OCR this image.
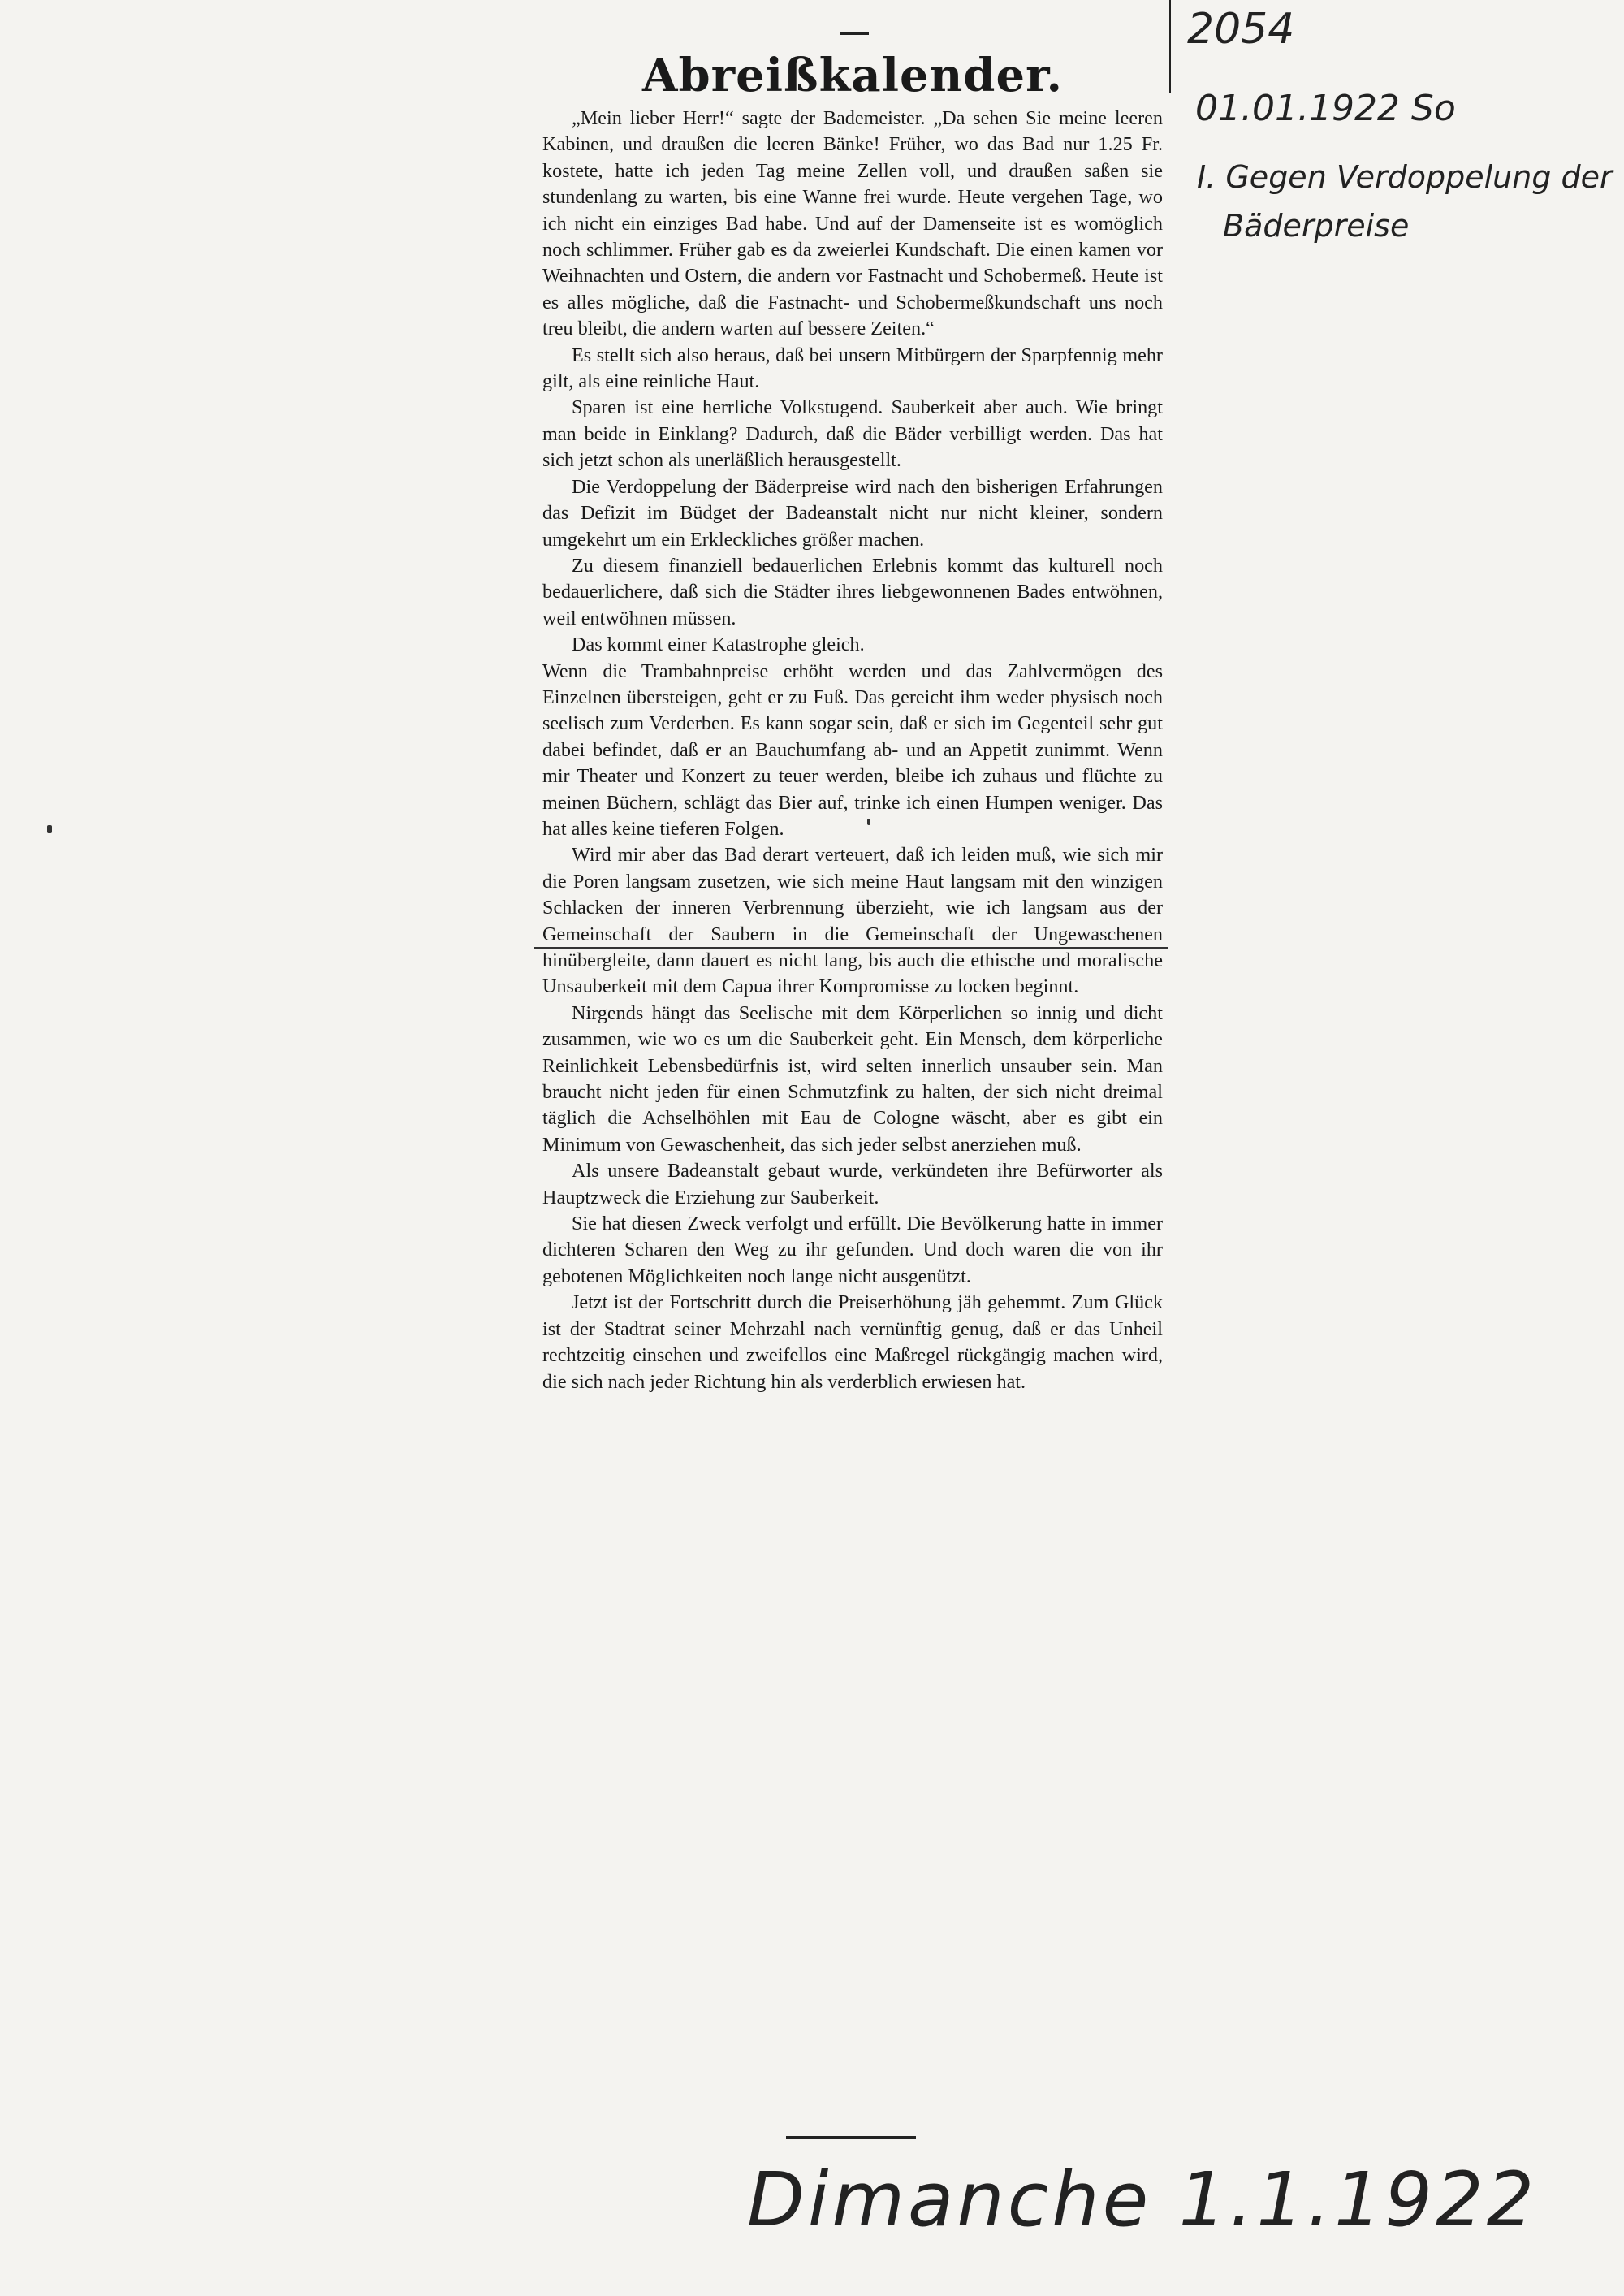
Abreißkalender.

„Mein lieber Herr!“ sagte der Bademeister. „Da sehen Sie meine leeren Kabinen, und draußen die leeren Bänke! Früher, wo das Bad nur 1.25 Fr. kostete, hatte ich jeden Tag meine Zellen voll, und draußen saßen sie stundenlang zu warten, bis eine Wanne frei wurde. Heute vergehen Tage, wo ich nicht ein einziges Bad habe. Und auf der Damenseite ist es womöglich noch schlimmer. Früher gab es da zweierlei Kundschaft. Die einen kamen vor Weihnachten und Ostern, die andern vor Fastnacht und Schobermeß. Heute ist es alles mögliche, daß die Fastnacht- und Schobermeßkundschaft uns noch treu bleibt, die andern warten auf bessere Zeiten.“

Es stellt sich also heraus, daß bei unsern Mitbürgern der Sparpfennig mehr gilt, als eine reinliche Haut.

Sparen ist eine herrliche Volkstugend. Sauberkeit aber auch. Wie bringt man beide in Einklang? Dadurch, daß die Bäder verbilligt werden. Das hat sich jetzt schon als unerläßlich herausgestellt.

Die Verdoppelung der Bäderpreise wird nach den bisherigen Erfahrungen das Defizit im Büdget der Badeanstalt nicht nur nicht kleiner, sondern umgekehrt um ein Erkleckliches größer machen.

Zu diesem finanziell bedauerlichen Erlebnis kommt das kulturell noch bedauerlichere, daß sich die Städter ihres liebgewonnenen Bades entwöhnen, weil entwöhnen müssen.

Das kommt einer Katastrophe gleich.

Wenn die Trambahnpreise erhöht werden und das Zahlvermögen des Einzelnen übersteigen, geht er zu Fuß. Das gereicht ihm weder physisch noch seelisch zum Verderben. Es kann sogar sein, daß er sich im Gegenteil sehr gut dabei befindet, daß er an Bauchumfang ab- und an Appetit zunimmt. Wenn mir Theater und Konzert zu teuer werden, bleibe ich zuhaus und flüchte zu meinen Büchern, schlägt das Bier auf, trinke ich einen Humpen weniger. Das hat alles keine tieferen Folgen.

Wird mir aber das Bad derart verteuert, daß ich leiden muß, wie sich mir die Poren langsam zusetzen, wie sich meine Haut langsam mit den winzigen Schlacken der inneren Verbrennung überzieht, wie ich langsam aus der Gemeinschaft der Saubern in die Gemeinschaft der Ungewaschenen hinübergleite, dann dauert es nicht lang, bis auch die ethische und moralische Unsauberkeit mit dem Capua ihrer Kompromisse zu locken beginnt.

Nirgends hängt das Seelische mit dem Körperlichen so innig und dicht zusammen, wie wo es um die Sauberkeit geht. Ein Mensch, dem körperliche Reinlichkeit Lebensbedürfnis ist, wird selten innerlich unsauber sein. Man braucht nicht jeden für einen Schmutzfink zu halten, der sich nicht dreimal täglich die Achselhöhlen mit Eau de Cologne wäscht, aber es gibt ein Minimum von Gewaschenheit, das sich jeder selbst anerziehen muß.

Als unsere Badeanstalt gebaut wurde, verkündeten ihre Befürworter als Hauptzweck die Erziehung zur Sauberkeit.

Sie hat diesen Zweck verfolgt und erfüllt. Die Bevölkerung hatte in immer dichteren Scharen den Weg zu ihr gefunden. Und doch waren die von ihr gebotenen Möglichkeiten noch lange nicht ausgenützt.

Jetzt ist der Fortschritt durch die Preiserhöhung jäh gehemmt. Zum Glück ist der Stadtrat seiner Mehrzahl nach vernünftig genug, daß er das Unheil rechtzeitig einsehen und zweifellos eine Maßregel rückgängig machen wird, die sich nach jeder Richtung hin als verderblich erwiesen hat.

2054
01.01.1922 So
I. Gegen Verdoppelung der
Bäderpreise
Dimanche 1.1.1922
